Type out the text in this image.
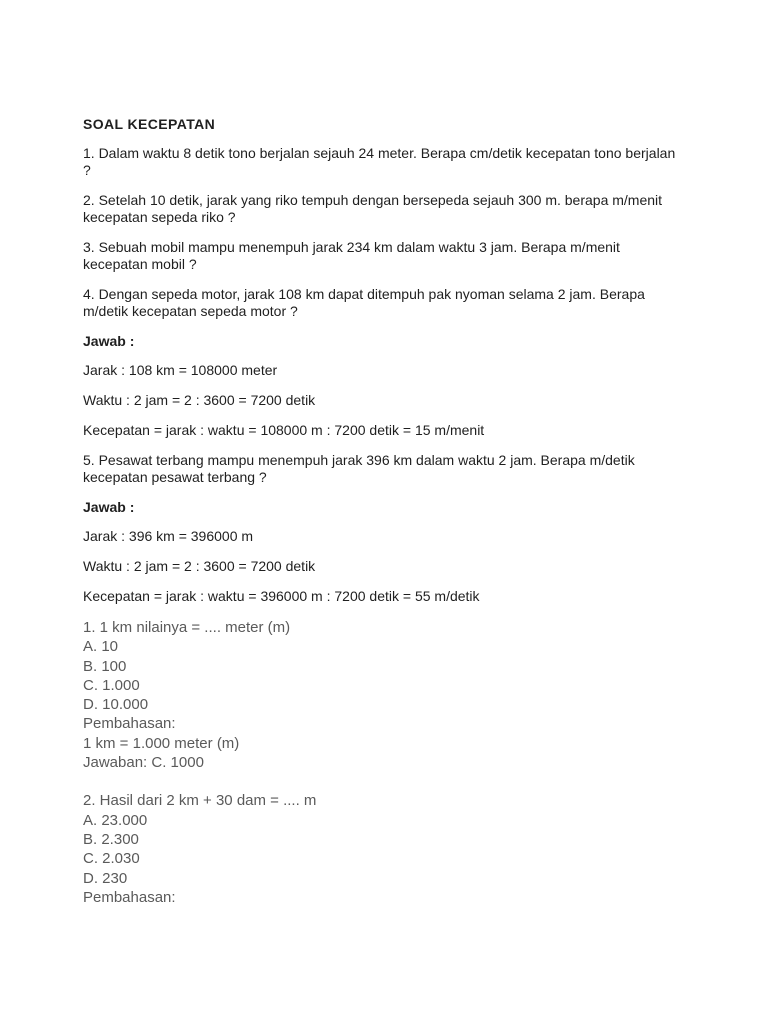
SOAL KECEPATAN
1. Dalam waktu 8 detik tono berjalan sejauh 24 meter. Berapa cm/detik kecepatan tono berjalan ?
2. Setelah 10 detik, jarak yang riko tempuh dengan bersepeda sejauh 300 m. berapa m/menit kecepatan sepeda riko ?
3. Sebuah mobil mampu menempuh jarak 234 km dalam waktu 3 jam. Berapa m/menit kecepatan mobil ?
4. Dengan sepeda motor, jarak 108 km dapat ditempuh pak nyoman selama 2 jam. Berapa m/detik kecepatan sepeda motor ?
Jawab :
Jarak : 108 km = 108000 meter
Waktu : 2 jam = 2 : 3600 = 7200 detik
Kecepatan = jarak : waktu = 108000 m : 7200 detik = 15 m/menit
5. Pesawat terbang mampu menempuh jarak 396 km dalam waktu 2 jam. Berapa m/detik kecepatan pesawat terbang ?
Jawab :
Jarak : 396 km = 396000 m
Waktu : 2 jam = 2 : 3600 = 7200 detik
Kecepatan = jarak : waktu = 396000 m : 7200 detik = 55 m/detik
1. 1 km nilainya = .... meter (m)
A. 10
B. 100
C. 1.000
D. 10.000
Pembahasan:
1 km = 1.000 meter (m)
Jawaban: C. 1000
2. Hasil dari 2 km + 30 dam = .... m
A. 23.000
B. 2.300
C. 2.030
D. 230
Pembahasan:
